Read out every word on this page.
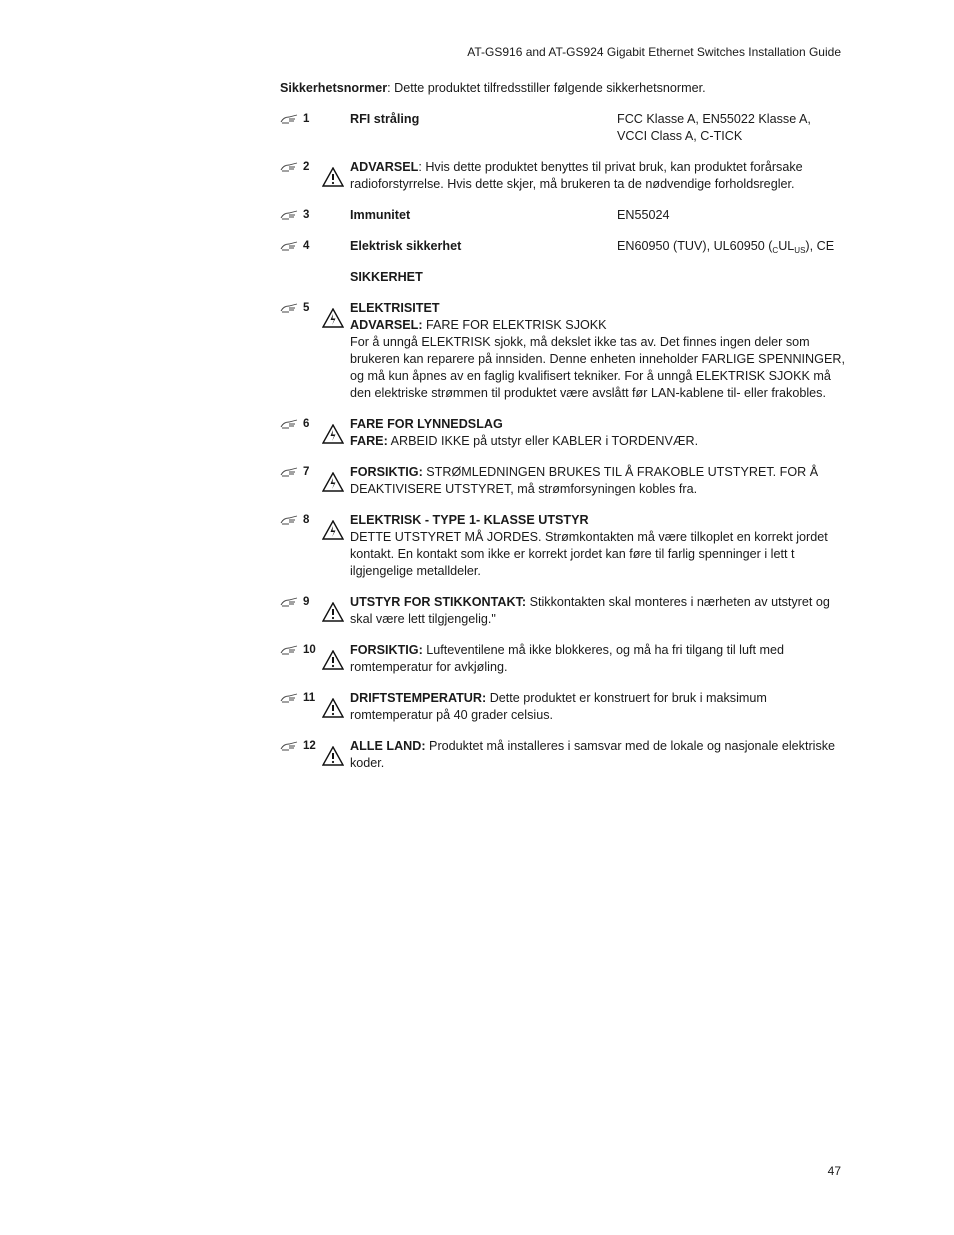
AT-GS916 and AT-GS924 Gigabit Ethernet Switches Installation Guide
Sikkerhetsnormer: Dette produktet tilfredsstiller følgende sikkerhetsnormer.
1	RFI stråling	FCC Klasse A, EN55022 Klasse A,
VCCI Class A, C-TICK
2	ADVARSEL: Hvis dette produktet benyttes til privat bruk, kan produktet forårsake radioforstyrrelse. Hvis dette skjer, må brukeren ta de nødvendige forholdsregler.
3	Immunitet	EN55024
4	Elektrisk sikkerhet	EN60950 (TUV), UL60950 $(_CUL_{US})$, CE
SIKKERHET
5	ELEKTRISITET
ADVARSEL: FARE FOR ELEKTRISK SJOKK
For å unngå ELEKTRISK sjokk, må dekslet ikke tas av. Det finnes ingen deler som brukeren kan reparere på innsiden. Denne enheten inneholder FARLIGE SPENNINGER, og må kun åpnes av en faglig kvalifisert tekniker. For å unngå ELEKTRISK SJOKK må den elektriske strømmen til produktet være avslått før LAN-kablene til- eller frakobles.
6	FARE FOR LYNNEDSLAG
FARE: ARBEID IKKE på utstyr eller KABLER i TORDENVÆR.
7	FORSIKTIG: STRØMLEDNINGEN BRUKES TIL Å FRAKOBLE UTSTYRET. FOR Å DEAKTIVISERE UTSTYRET, må strømforsyningen kobles fra.
8	ELEKTRISK - TYPE 1- KLASSE UTSTYR
DETTE UTSTYRET MÅ JORDES. Strømkontakten må være tilkoplet en korrekt jordet kontakt. En kontakt som ikke er korrekt jordet kan føre til farlig spenninger i lett t ilgjengelige metalldeler.
9	UTSTYR FOR STIKKONTAKT: Stikkontakten skal monteres i nærheten av utstyret og skal være lett tilgjengelig."
10	FORSIKTIG: Lufteventilene må ikke blokkeres, og må ha fri tilgang til luft med romtemperatur for avkjøling.
11	DRIFTSTEMPERATUR: Dette produktet er konstruert for bruk i maksimum romtemperatur på 40 grader celsius.
12	ALLE LAND: Produktet må installeres i samsvar med de lokale og nasjonale elektriske koder.
47
